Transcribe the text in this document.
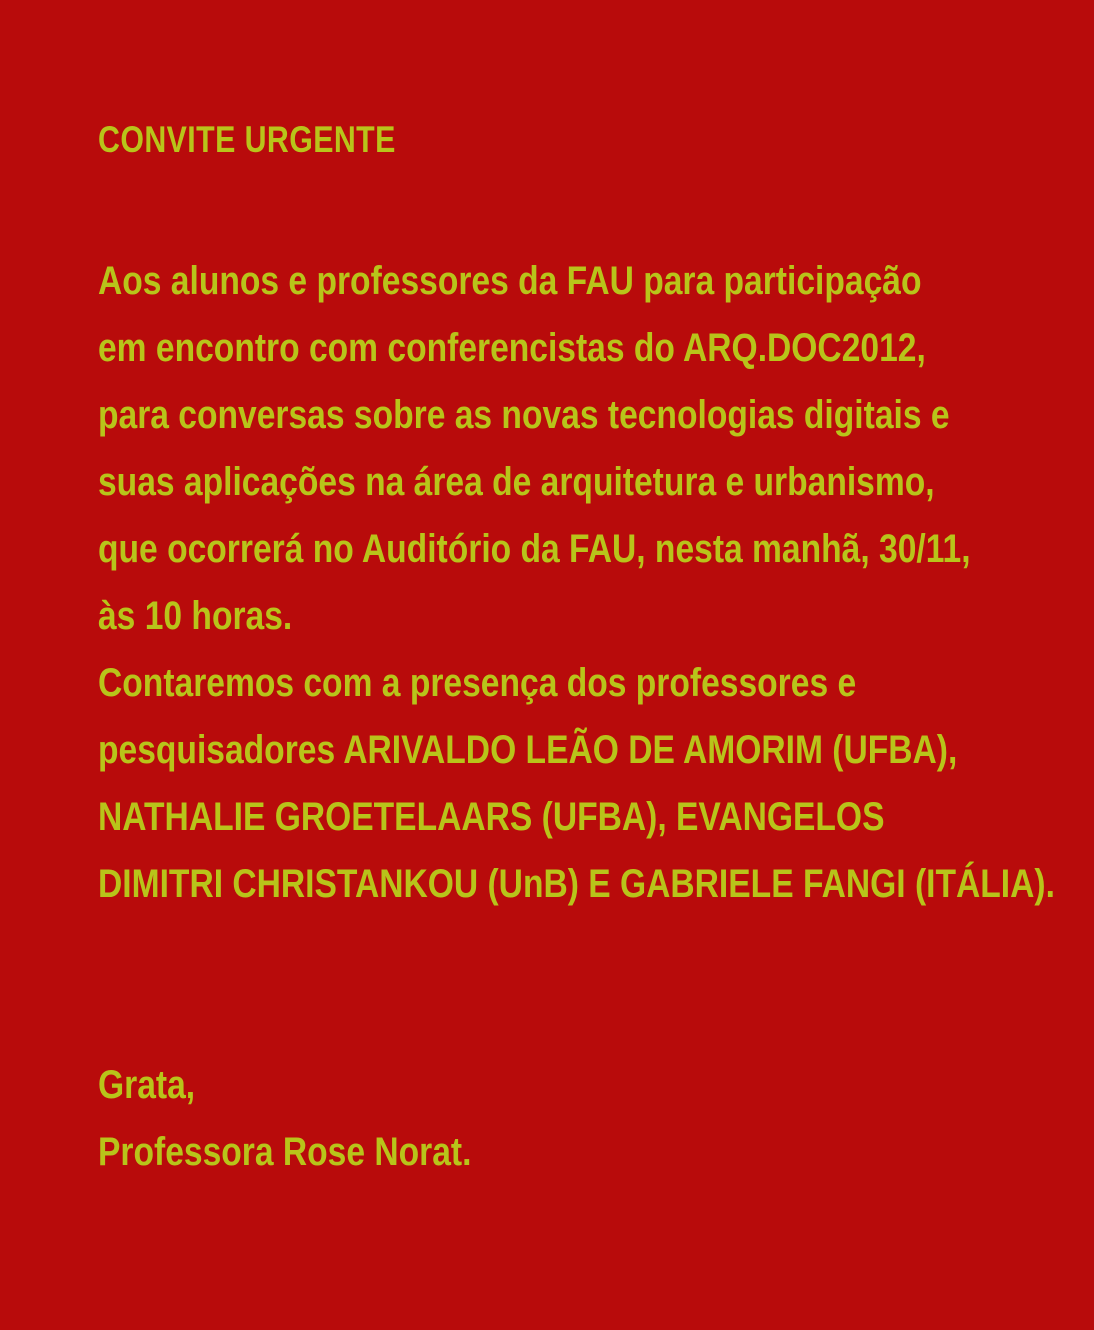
CONVITE URGENTE
Aos alunos e professores da FAU para participação
em encontro com conferencistas do ARQ.DOC2012,
para conversas sobre as novas tecnologias digitais e
suas aplicações na área de arquitetura e urbanismo,
que ocorrerá no Auditório da FAU, nesta manhã, 30/11,
às 10 horas.
Contaremos com a presença dos professores e
pesquisadores ARIVALDO LEÃO DE AMORIM (UFBA),
NATHALIE GROETELAARS (UFBA), EVANGELOS
DIMITRI CHRISTANKOU (UnB) E GABRIELE FANGI (ITÁLIA).
Grata,
Professora Rose Norat.
